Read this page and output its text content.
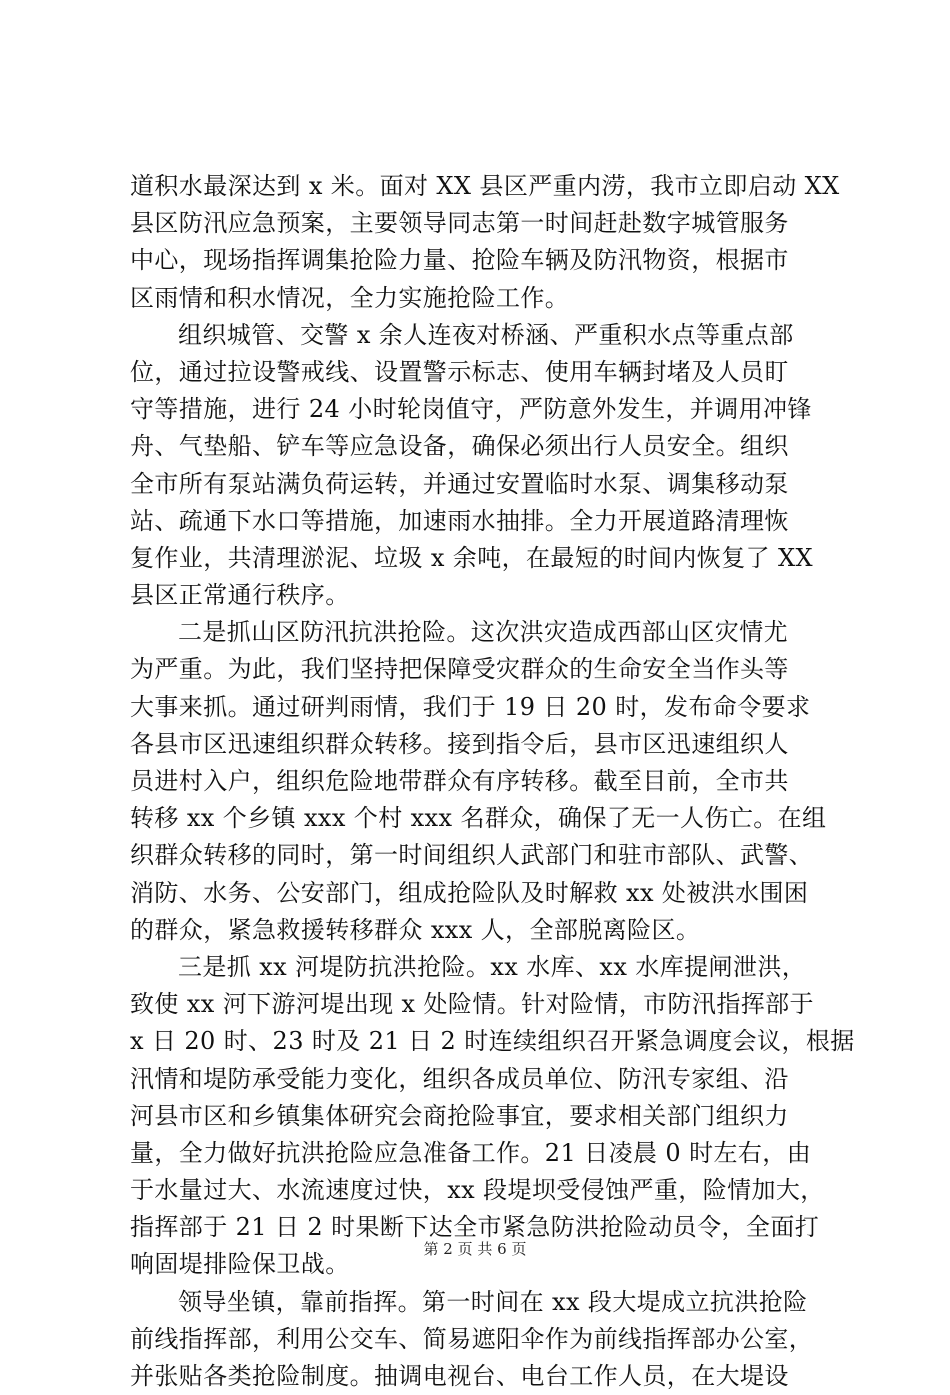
道积水最深达到 x 米。面对 XX 县区严重内涝，我市立即启动 XX
县区防汛应急预案，主要领导同志第一时间赶赴数字城管服务
中心，现场指挥调集抢险力量、抢险车辆及防汛物资，根据市
区雨情和积水情况，全力实施抢险工作。
组织城管、交警 x 余人连夜对桥涵、严重积水点等重点部
位，通过拉设警戒线、设置警示标志、使用车辆封堵及人员盯
守等措施，进行 24 小时轮岗值守，严防意外发生，并调用冲锋
舟、气垫船、铲车等应急设备，确保必须出行人员安全。组织
全市所有泵站满负荷运转，并通过安置临时水泵、调集移动泵
站、疏通下水口等措施，加速雨水抽排。全力开展道路清理恢
复作业，共清理淤泥、垃圾 x 余吨，在最短的时间内恢复了 XX
县区正常通行秩序。
二是抓山区防汛抗洪抢险。这次洪灾造成西部山区灾情尤
为严重。为此，我们坚持把保障受灾群众的生命安全当作头等
大事来抓。通过研判雨情，我们于 19 日 20 时，发布命令要求
各县市区迅速组织群众转移。接到指令后，县市区迅速组织人
员进村入户，组织危险地带群众有序转移。截至目前，全市共
转移 xx 个乡镇 xxx 个村 xxx 名群众，确保了无一人伤亡。在组
织群众转移的同时，第一时间组织人武部门和驻市部队、武警、
消防、水务、公安部门，组成抢险队及时解救 xx 处被洪水围困
的群众，紧急救援转移群众 xxx 人，全部脱离险区。
三是抓 xx 河堤防抗洪抢险。xx 水库、xx 水库提闸泄洪，
致使 xx 河下游河堤出现 x 处险情。针对险情，市防汛指挥部于
x 日 20 时、23 时及 21 日 2 时连续组织召开紧急调度会议，根据
汛情和堤防承受能力变化，组织各成员单位、防汛专家组、沿
河县市区和乡镇集体研究会商抢险事宜，要求相关部门组织力
量，全力做好抗洪抢险应急准备工作。21 日凌晨 0 时左右，由
于水量过大、水流速度过快，xx 段堤坝受侵蚀严重，险情加大，
指挥部于 21 日 2 时果断下达全市紧急防洪抢险动员令，全面打
响固堤排险保卫战。
领导坐镇，靠前指挥。第一时间在 xx 段大堤成立抗洪抢险
前线指挥部，利用公交车、简易遮阳伞作为前线指挥部办公室，
并张贴各类抢险制度。抽调电视台、电台工作人员，在大堤设
第 2 页 共 6 页
